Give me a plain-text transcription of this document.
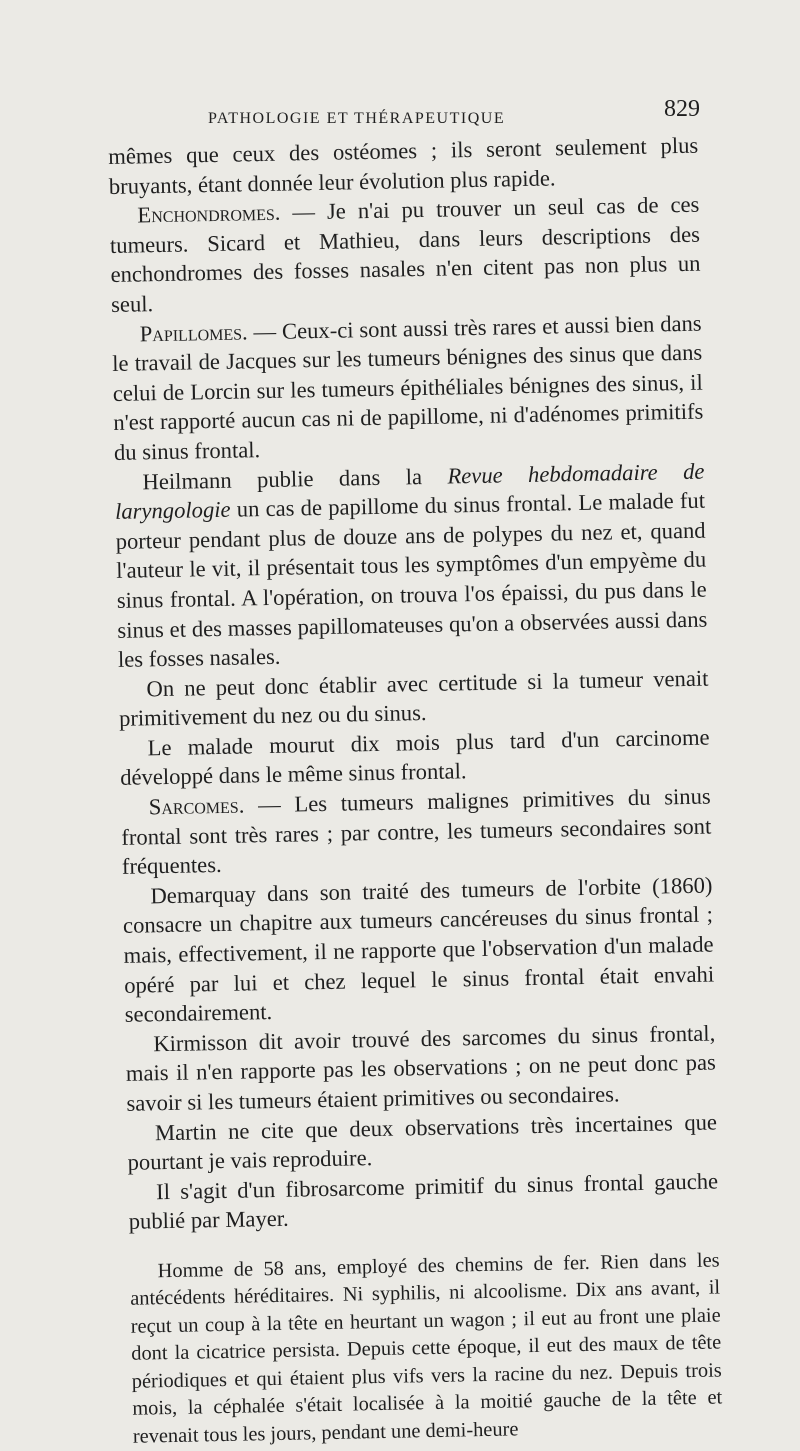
PATHOLOGIE ET THÉRAPEUTIQUE	829

mêmes que ceux des ostéomes ; ils seront seulement plus bruyants, étant donnée leur évolution plus rapide.

Enchondromes. — Je n'ai pu trouver un seul cas de ces tumeurs. Sicard et Mathieu, dans leurs descriptions des enchondromes des fosses nasales n'en citent pas non plus un seul.

Papillomes. — Ceux-ci sont aussi très rares et aussi bien dans le travail de Jacques sur les tumeurs bénignes des sinus que dans celui de Lorcin sur les tumeurs épithéliales bénignes des sinus, il n'est rapporté aucun cas ni de papillome, ni d'adénomes primitifs du sinus frontal.

Heilmann publie dans la Revue hebdomadaire de laryngologie un cas de papillome du sinus frontal. Le malade fut porteur pendant plus de douze ans de polypes du nez et, quand l'auteur le vit, il présentait tous les symptômes d'un empyème du sinus frontal. A l'opération, on trouva l'os épaissi, du pus dans le sinus et des masses papillomateuses qu'on a observées aussi dans les fosses nasales.

On ne peut donc établir avec certitude si la tumeur venait primitivement du nez ou du sinus.

Le malade mourut dix mois plus tard d'un carcinome développé dans le même sinus frontal.

Sarcomes. — Les tumeurs malignes primitives du sinus frontal sont très rares ; par contre, les tumeurs secondaires sont fréquentes.

Demarquay dans son traité des tumeurs de l'orbite (1860) consacre un chapitre aux tumeurs cancéreuses du sinus frontal ; mais, effectivement, il ne rapporte que l'observation d'un malade opéré par lui et chez lequel le sinus frontal était envahi secondairement.

Kirmisson dit avoir trouvé des sarcomes du sinus frontal, mais il n'en rapporte pas les observations ; on ne peut donc pas savoir si les tumeurs étaient primitives ou secondaires.

Martin ne cite que deux observations très incertaines que pourtant je vais reproduire.

Il s'agit d'un fibrosarcome primitif du sinus frontal gauche publié par Mayer.

Homme de 58 ans, employé des chemins de fer. Rien dans les antécédents héréditaires. Ni syphilis, ni alcoolisme. Dix ans avant, il reçut un coup à la tête en heurtant un wagon ; il eut au front une plaie dont la cicatrice persista. Depuis cette époque, il eut des maux de tête périodiques et qui étaient plus vifs vers la racine du nez. Depuis trois mois, la céphalée s'était localisée à la moitié gauche de la tête et revenait tous les jours, pendant une demi-heure
